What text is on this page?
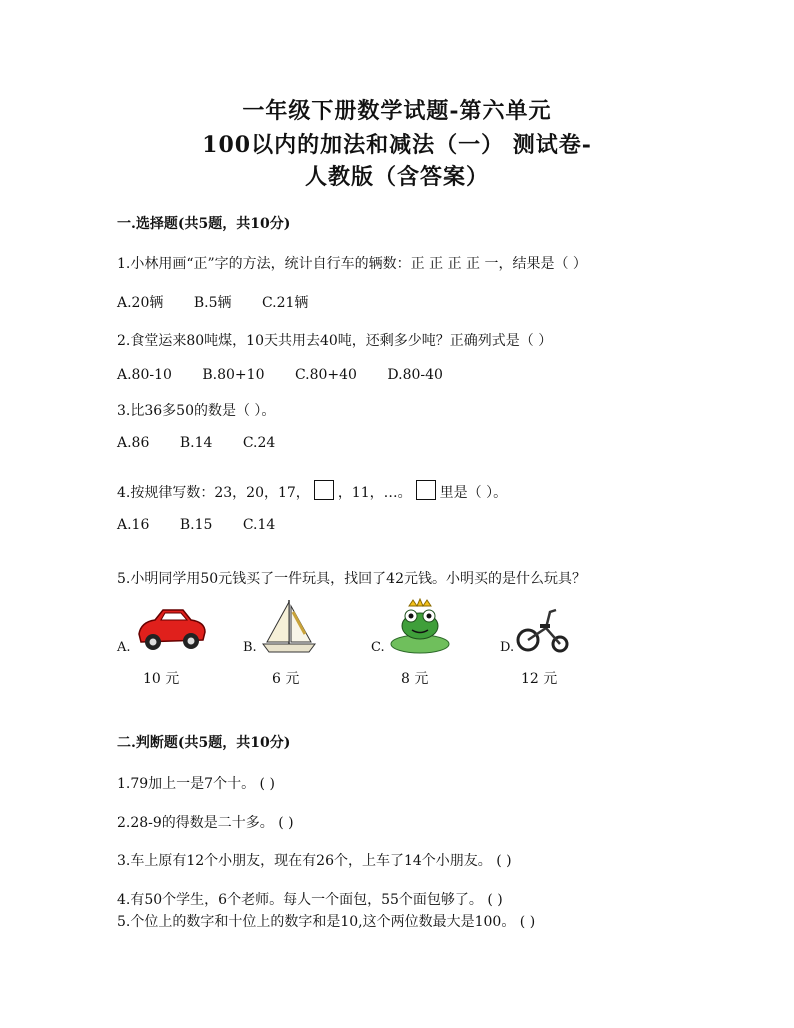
一年级下册数学试题-第六单元
100以内的加法和减法（一） 测试卷-
人教版（含答案）
一.选择题(共5题，共10分)
1.小林用画“正”字的方法，统计自行车的辆数：正 正 正 正 一，结果是（ ）
A.20辆 B.5辆 C.21辆
2.食堂运来80吨煤，10天共用去40吨，还剩多少吨？正确列式是（ ）
A.80-10 B.80+10 C.80+40 D.80-40
3.比36多50的数是（ ）。
A.86 B.14 C.24
4.按规律写数：23，20，17， ，11，…。 里是（ ）。
A.16 B.15 C.14
5.小明同学用50元钱买了一件玩具，找回了42元钱。小明买的是什么玩具？
A.	B.	C.	D.
10 元	6 元	8 元	12 元
二.判断题(共5题，共10分)
1.79加上一是7个十。 ( )
2.28-9的得数是二十多。 ( )
3.车上原有12个小朋友，现在有26个，上车了14个小朋友。 ( )
4.有50个学生，6个老师。每人一个面包，55个面包够了。 ( )
5.个位上的数字和十位上的数字和是10,这个两位数最大是100。 ( )
